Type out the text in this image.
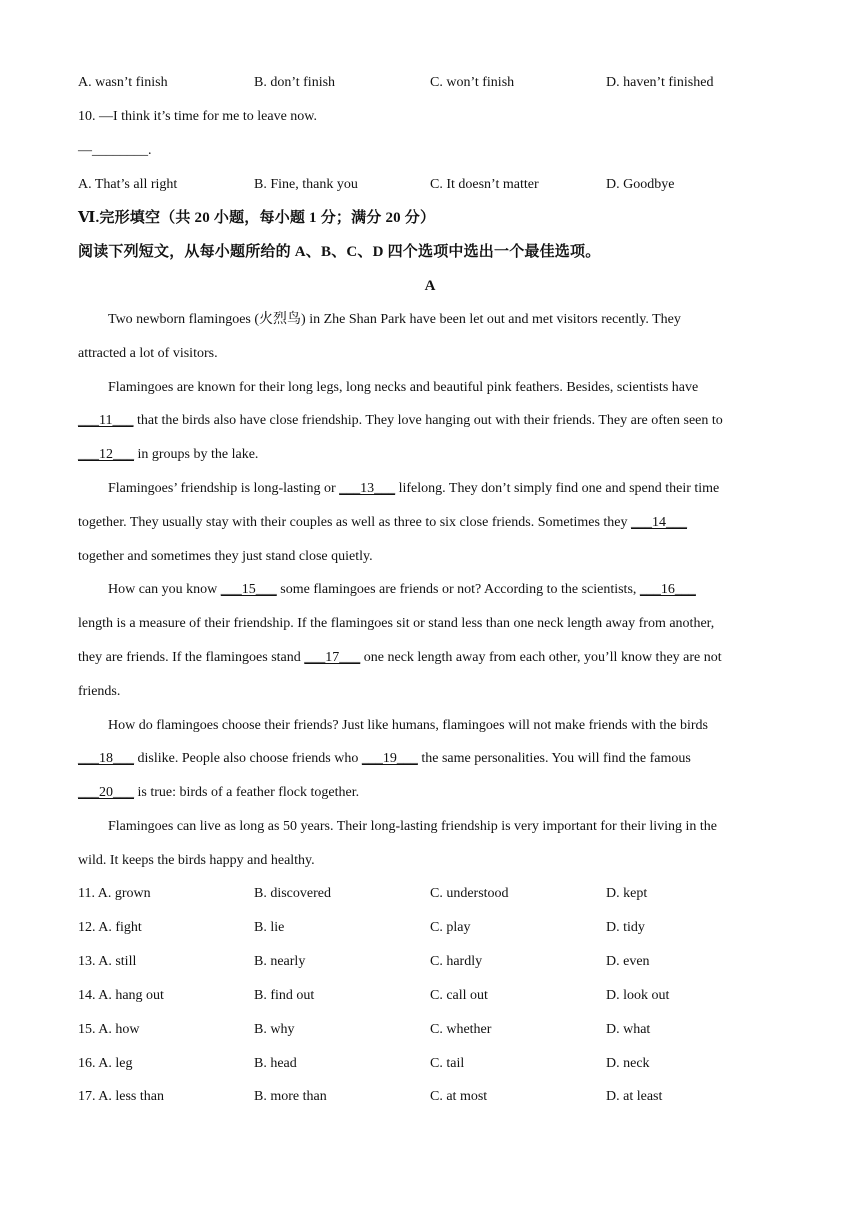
A. wasn’t finish	B. don’t finish	C. won’t finish	D. haven’t finished
10. —I think it’s time for me to leave now.
—________.
A. That’s all right	B. Fine, thank you	C. It doesn’t matter	D. Goodbye
Ⅵ.完形填空（共 20 小题，每小题 1 分；满分 20 分）
阅读下列短文，从每小题所给的 A、B、C、D 四个选项中选出一个最佳选项。
A
Two newborn flamingoes (火烈鸟) in Zhe Shan Park have been let out and met visitors recently. They
attracted a lot of visitors.
Flamingoes are known for their long legs, long necks and beautiful pink feathers. Besides, scientists have
___11___ that the birds also have close friendship. They love hanging out with their friends. They are often seen to
___12___ in groups by the lake.
Flamingoes’ friendship is long-lasting or ___13___ lifelong. They don’t simply find one and spend their time
together. They usually stay with their couples as well as three to six close friends. Sometimes they ___14___
together and sometimes they just stand close quietly.
How can you know ___15___ some flamingoes are friends or not? According to the scientists, ___16___
length is a measure of their friendship. If the flamingoes sit or stand less than one neck length away from another,
they are friends. If the flamingoes stand ___17___ one neck length away from each other, you’ll know they are not
friends.
How do flamingoes choose their friends? Just like humans, flamingoes will not make friends with the birds
___18___ dislike. People also choose friends who ___19___ the same personalities. You will find the famous
___20___ is true: birds of a feather flock together.
Flamingoes can live as long as 50 years. Their long-lasting friendship is very important for their living in the
wild. It keeps the birds happy and healthy.
11. A. grown	B. discovered	C. understood	D. kept
12. A. fight	B. lie	C. play	D. tidy
13. A. still	B. nearly	C. hardly	D. even
14. A. hang out	B. find out	C. call out	D. look out
15. A. how	B. why	C. whether	D. what
16. A. leg	B. head	C. tail	D. neck
17. A. less than	B. more than	C. at most	D. at least
